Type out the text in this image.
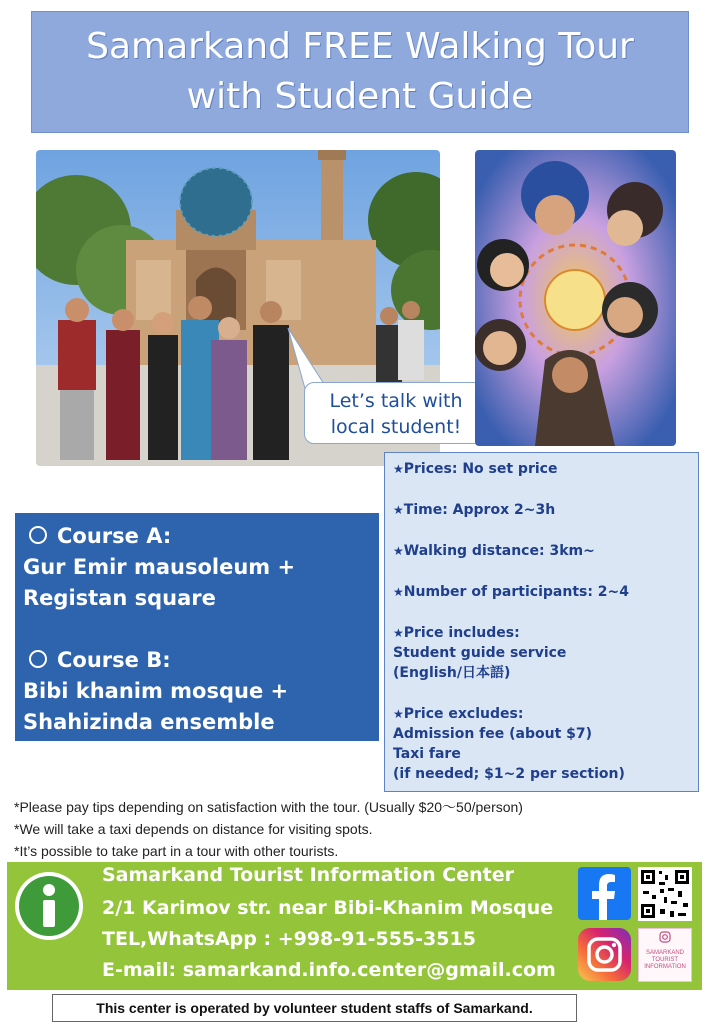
Samarkand FREE Walking Tour
with Student Guide
Let’s talk with
local student!
Course A:
Gur Emir mausoleum +
Registan square
Course B:
Bibi khanim mosque +
Shahizinda ensemble
★Prices: No set price
★Time: Approx 2~3h
★Walking distance: 3km~
★Number of participants: 2~4
★Price includes:
Student guide service
(English/日本語)
★Price excludes:
Admission fee (about $7)
Taxi fare
(if needed; $1~2 per section)
*Please pay tips depending on satisfaction with the tour. (Usually $20～50/person)
*We will take a taxi depends on distance for visiting spots.
*It’s possible to take part in a tour with other tourists.
Samarkand Tourist Information Center
2/1 Karimov str. near Bibi-Khanim Mosque
TEL,WhatsApp : +998-91-555-3515
E-mail: samarkand.info.center@gmail.com
SAMARKAND
TOURIST
INFORMATION
This center is operated by volunteer student staffs of Samarkand.
